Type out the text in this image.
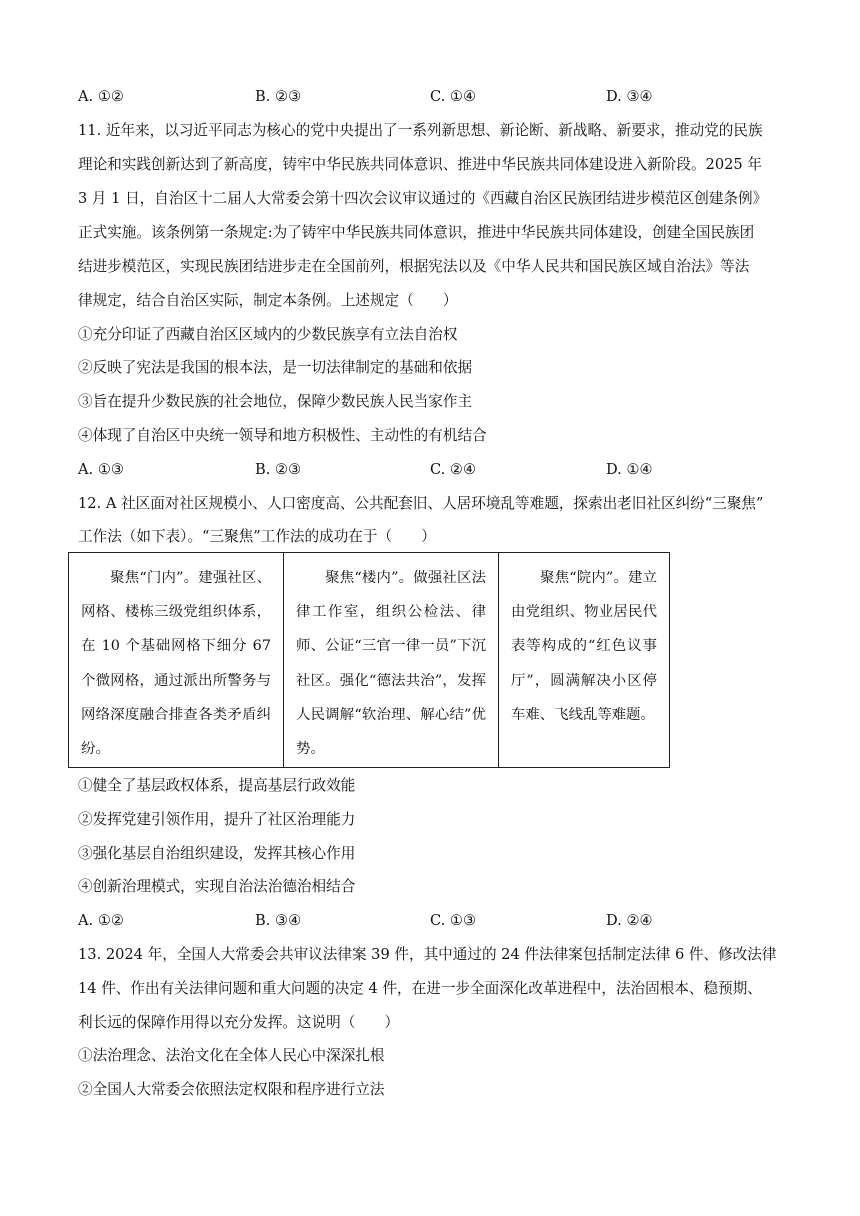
A. ①②	B. ②③	C. ①④	D. ③④
11. 近年来，以习近平同志为核心的党中央提出了一系列新思想、新论断、新战略、新要求，推动党的民族
理论和实践创新达到了新高度，铸牢中华民族共同体意识、推进中华民族共同体建设进入新阶段。2025 年
3 月 1 日，自治区十二届人大常委会第十四次会议审议通过的《西藏自治区民族团结进步模范区创建条例》
正式实施。该条例第一条规定:为了铸牢中华民族共同体意识，推进中华民族共同体建设，创建全国民族团
结进步模范区，实现民族团结进步走在全国前列，根据宪法以及《中华人民共和国民族区域自治法》等法
律规定，结合自治区实际，制定本条例。上述规定（　　）
①充分印证了西藏自治区区域内的少数民族享有立法自治权
②反映了宪法是我国的根本法，是一切法律制定的基础和依据
③旨在提升少数民族的社会地位，保障少数民族人民当家作主
④体现了自治区中央统一领导和地方积极性、主动性的有机结合
A. ①③	B. ②③	C. ②④	D. ①④
12. A 社区面对社区规模小、人口密度高、公共配套旧、人居环境乱等难题，探索出老旧社区纠纷“三聚焦”
工作法（如下表）。“三聚焦”工作法的成功在于（　　）
　　聚焦“门内”。建强社区、网格、楼栋三级党组织体系，在 10 个基础网格下细分 67 个微网格，通过派出所警务与网络深度融合排查各类矛盾纠纷。	　　聚焦“楼内”。做强社区法律工作室，组织公检法、律师、公证“三官一律一员”下沉社区。强化“德法共治”，发挥人民调解“软治理、解心结”优势。	　　聚焦“院内”。建立由党组织、物业居民代表等构成的“红色议事厅”，圆满解决小区停车难、飞线乱等难题。
①健全了基层政权体系，提高基层行政效能
②发挥党建引领作用，提升了社区治理能力
③强化基层自治组织建设，发挥其核心作用
④创新治理模式，实现自治法治德治相结合
A. ①②	B. ③④	C. ①③	D. ②④
13. 2024 年，全国人大常委会共审议法律案 39 件，其中通过的 24 件法律案包括制定法律 6 件、修改法律
14 件、作出有关法律问题和重大问题的决定 4 件，在进一步全面深化改革进程中，法治固根本、稳预期、
利长远的保障作用得以充分发挥。这说明（　　）
①法治理念、法治文化在全体人民心中深深扎根
②全国人大常委会依照法定权限和程序进行立法
